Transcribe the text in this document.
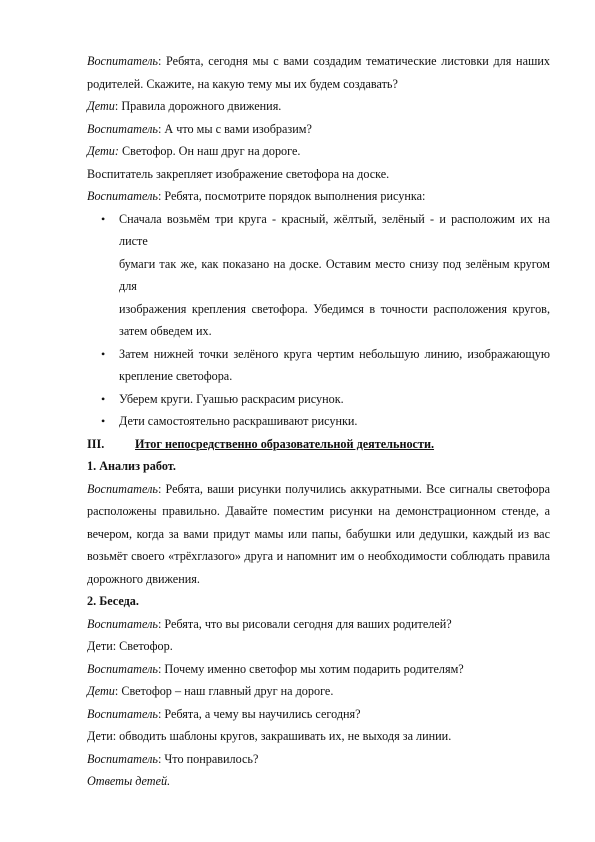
Воспитатель: Ребята, сегодня мы с вами создадим тематические листовки для наших
родителей. Скажите, на какую тему мы их будем создавать?
Дети: Правила дорожного движения.
Воспитатель: А что мы с вами изобразим?
Дети: Светофор. Он наш друг на дороге.
Воспитатель закрепляет изображение светофора на доске.
Воспитатель: Ребята, посмотрите порядок выполнения рисунка:
• Сначала возьмём три круга - красный, жёлтый, зелёный - и расположим их на листе
бумаги так же, как показано на доске. Оставим место снизу под зелёным кругом для
изображения крепления светофора. Убедимся в точности расположения кругов,
затем обведем их.
• Затем нижней точки зелёного круга чертим небольшую линию, изображающую
крепление светофора.
• Уберем круги. Гуашью раскрасим рисунок.
• Дети самостоятельно раскрашивают рисунки.
III.	Итог непосредственно образовательной деятельности.
1. Анализ работ.
Воспитатель: Ребята, ваши рисунки получились аккуратными. Все сигналы светофора
расположены правильно. Давайте поместим рисунки на демонстрационном стенде, а
вечером, когда за вами придут мамы или папы, бабушки или дедушки, каждый из вас
возьмёт своего «трёхглазого» друга и напомнит им о необходимости соблюдать правила
дорожного движения.
2. Беседа.
Воспитатель: Ребята, что вы рисовали сегодня для ваших родителей?
Дети: Светофор.
Воспитатель: Почему именно светофор мы хотим подарить родителям?
Дети: Светофор – наш главный друг на дороге.
Воспитатель: Ребята, а чему вы научились сегодня?
Дети: обводить шаблоны кругов, закрашивать их, не выходя за линии.
Воспитатель: Что понравилось?
Ответы детей.
